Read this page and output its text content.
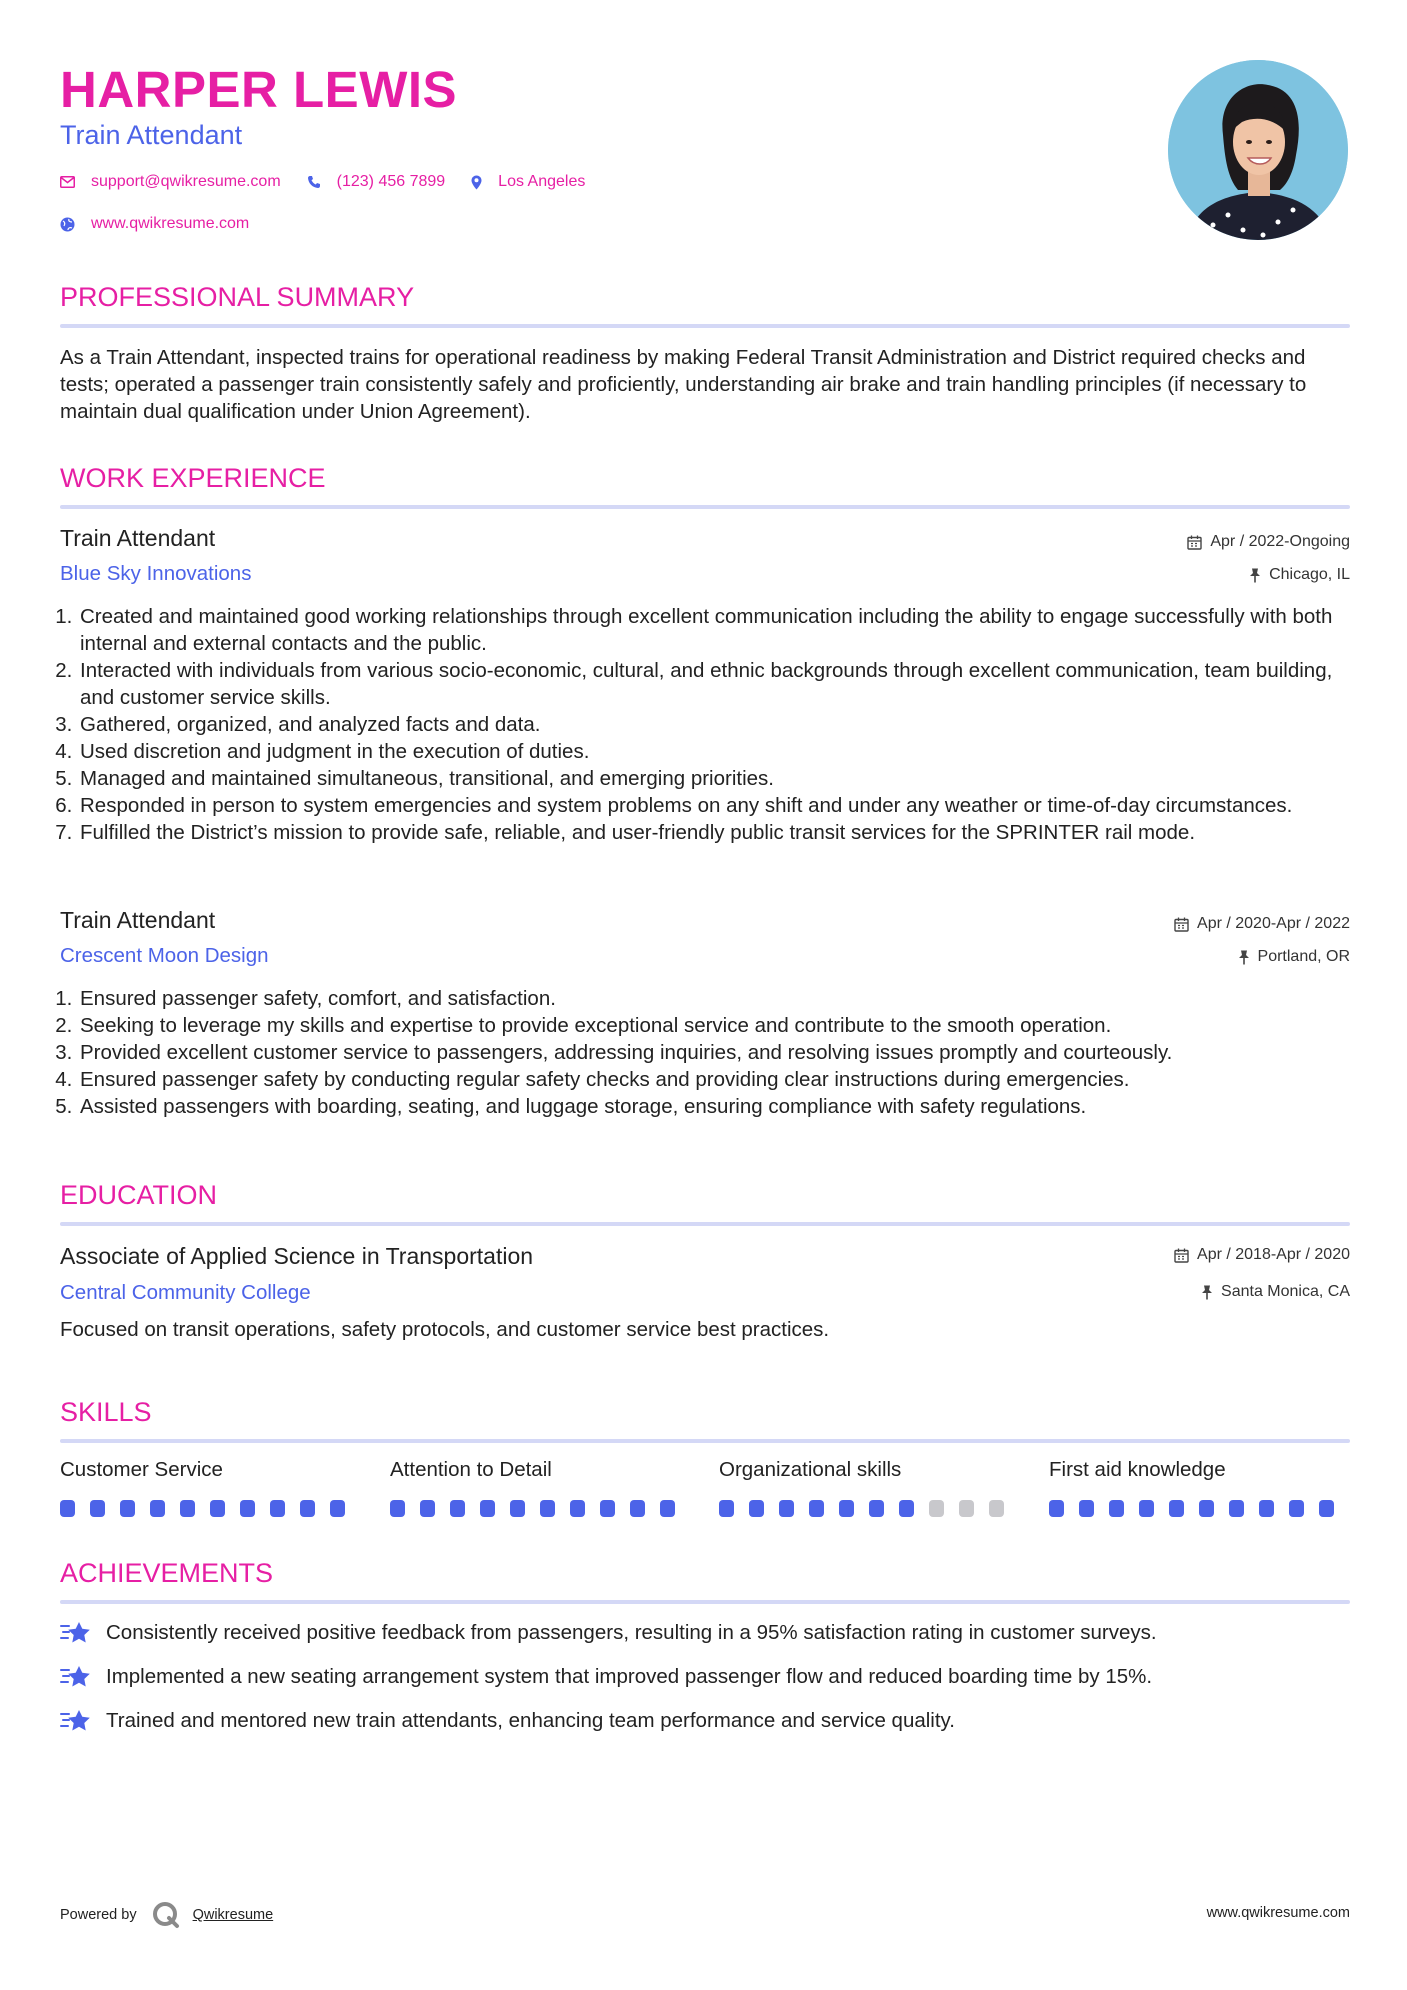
HARPER LEWIS
Train Attendant
support@qwikresume.com	(123) 456 7899	Los Angeles
www.qwikresume.com
PROFESSIONAL SUMMARY

As a Train Attendant, inspected trains for operational readiness by making Federal Transit Administration and District required checks and tests; operated a passenger train consistently safely and proficiently, understanding air brake and train handling principles (if necessary to maintain dual qualification under Union Agreement).

WORK EXPERIENCE
Train Attendant
Blue Sky Innovations
Apr / 2022-Ongoing
Chicago, IL
1. Created and maintained good working relationships through excellent communication including the ability to engage successfully with both internal and external contacts and the public.
2. Interacted with individuals from various socio-economic, cultural, and ethnic backgrounds through excellent communication, team building, and customer service skills.
3. Gathered, organized, and analyzed facts and data.
4. Used discretion and judgment in the execution of duties.
5. Managed and maintained simultaneous, transitional, and emerging priorities.
6. Responded in person to system emergencies and system problems on any shift and under any weather or time-of-day circumstances.
7. Fulfilled the District’s mission to provide safe, reliable, and user-friendly public transit services for the SPRINTER rail mode.
Train Attendant
Crescent Moon Design
Apr / 2020-Apr / 2022
Portland, OR
1. Ensured passenger safety, comfort, and satisfaction.
2. Seeking to leverage my skills and expertise to provide exceptional service and contribute to the smooth operation.
3. Provided excellent customer service to passengers, addressing inquiries, and resolving issues promptly and courteously.
4. Ensured passenger safety by conducting regular safety checks and providing clear instructions during emergencies.
5. Assisted passengers with boarding, seating, and luggage storage, ensuring compliance with safety regulations.
EDUCATION
Associate of Applied Science in Transportation
Central Community College
Apr / 2018-Apr / 2020
Santa Monica, CA

Focused on transit operations, safety protocols, and customer service best practices.

SKILLS
Customer Service	Attention to Detail	Organizational skills	First aid knowledge
ACHIEVEMENTS
Consistently received positive feedback from passengers, resulting in a 95% satisfaction rating in customer surveys.
Implemented a new seating arrangement system that improved passenger flow and reduced boarding time by 15%.
Trained and mentored new train attendants, enhancing team performance and service quality.
Powered by	Qwikresume	www.qwikresume.com
